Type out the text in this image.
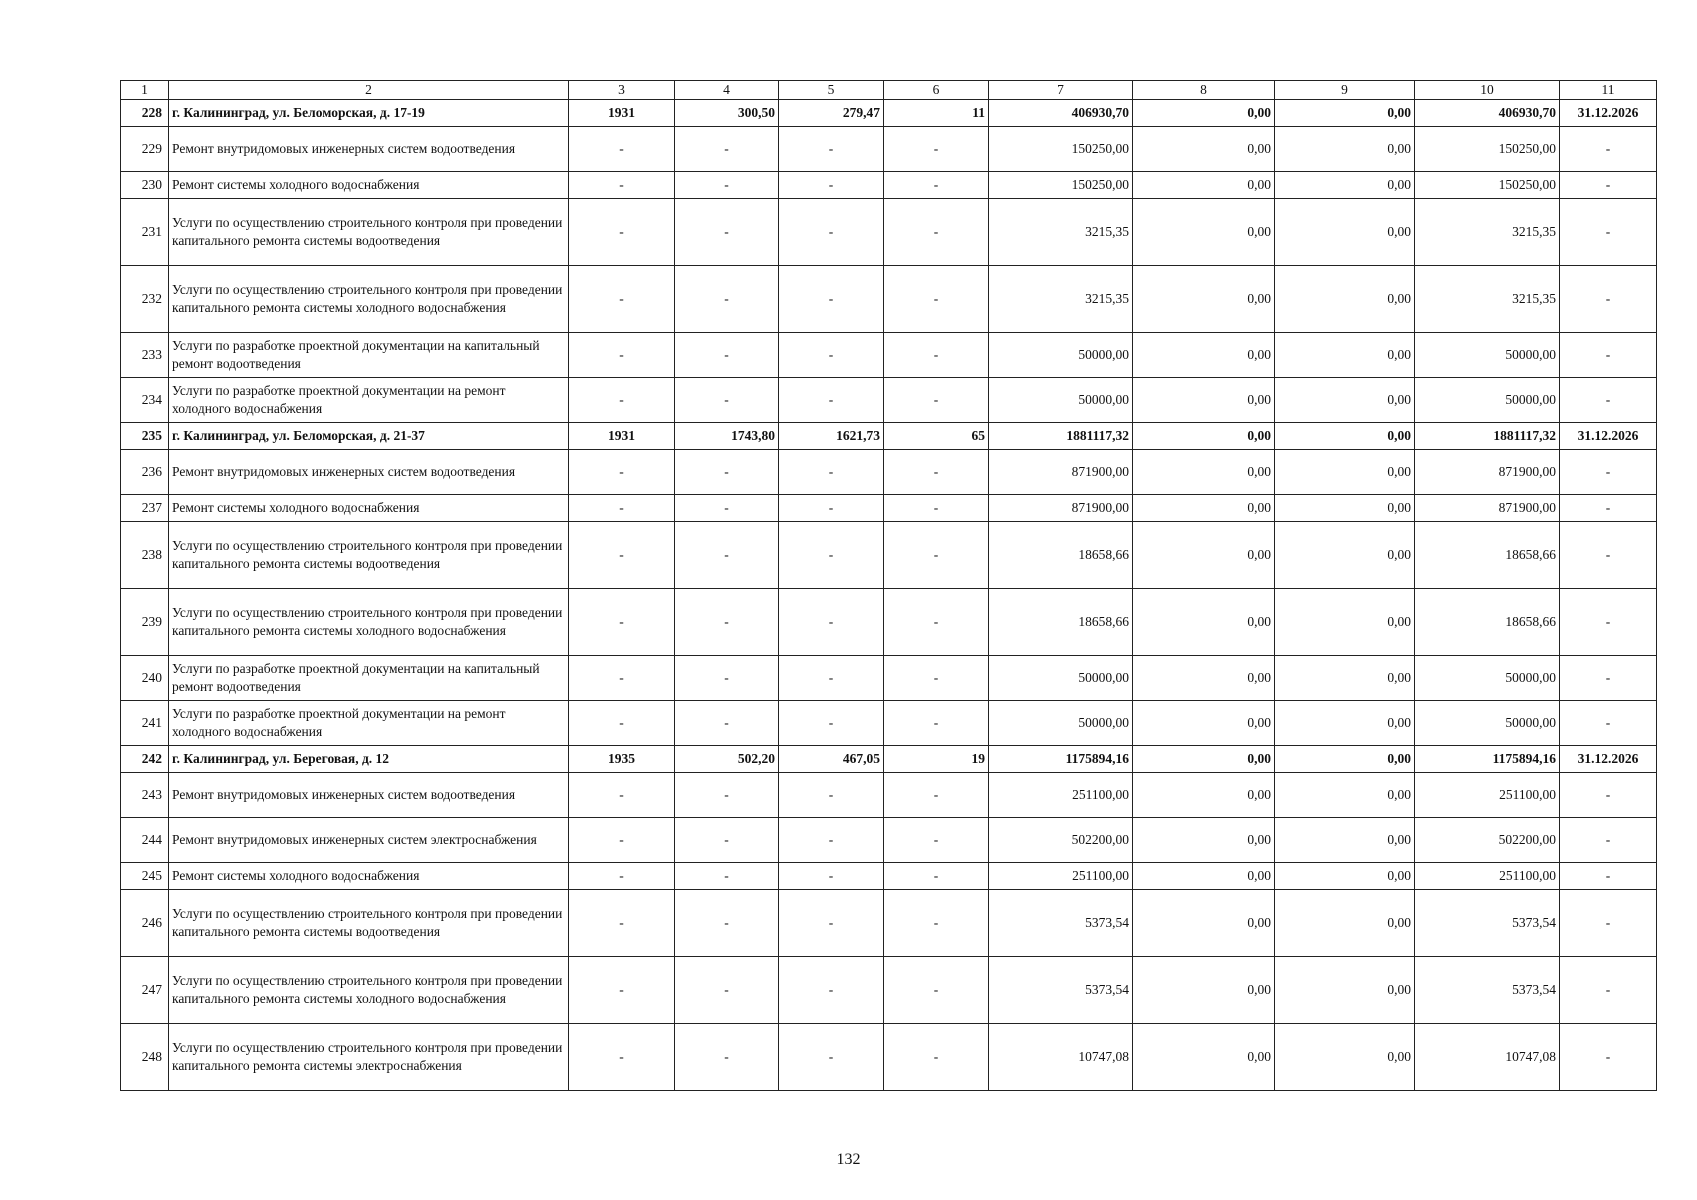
1	2	3	4	5	6	7	8	9	10	11
228	г. Калининград, ул. Беломорская, д. 17-19	1931	300,50	279,47	11	406930,70	0,00	0,00	406930,70	31.12.2026
229	Ремонт внутридомовых инженерных систем водоотведения	-	-	-	-	150250,00	0,00	0,00	150250,00	-
230	Ремонт системы холодного водоснабжения	-	-	-	-	150250,00	0,00	0,00	150250,00	-
231	Услуги по осуществлению строительного контроля при проведении капитального ремонта системы водоотведения	-	-	-	-	3215,35	0,00	0,00	3215,35	-
232	Услуги по осуществлению строительного контроля при проведении капитального ремонта системы холодного водоснабжения	-	-	-	-	3215,35	0,00	0,00	3215,35	-
233	Услуги по разработке проектной документации на капитальный ремонт водоотведения	-	-	-	-	50000,00	0,00	0,00	50000,00	-
234	Услуги по разработке проектной документации на ремонт холодного водоснабжения	-	-	-	-	50000,00	0,00	0,00	50000,00	-
235	г. Калининград, ул. Беломорская, д. 21-37	1931	1743,80	1621,73	65	1881117,32	0,00	0,00	1881117,32	31.12.2026
236	Ремонт внутридомовых инженерных систем водоотведения	-	-	-	-	871900,00	0,00	0,00	871900,00	-
237	Ремонт системы холодного водоснабжения	-	-	-	-	871900,00	0,00	0,00	871900,00	-
238	Услуги по осуществлению строительного контроля при проведении капитального ремонта системы водоотведения	-	-	-	-	18658,66	0,00	0,00	18658,66	-
239	Услуги по осуществлению строительного контроля при проведении капитального ремонта системы холодного водоснабжения	-	-	-	-	18658,66	0,00	0,00	18658,66	-
240	Услуги по разработке проектной документации на капитальный ремонт водоотведения	-	-	-	-	50000,00	0,00	0,00	50000,00	-
241	Услуги по разработке проектной документации на ремонт холодного водоснабжения	-	-	-	-	50000,00	0,00	0,00	50000,00	-
242	г. Калининград, ул. Береговая, д. 12	1935	502,20	467,05	19	1175894,16	0,00	0,00	1175894,16	31.12.2026
243	Ремонт внутридомовых инженерных систем водоотведения	-	-	-	-	251100,00	0,00	0,00	251100,00	-
244	Ремонт внутридомовых инженерных систем электроснабжения	-	-	-	-	502200,00	0,00	0,00	502200,00	-
245	Ремонт системы холодного водоснабжения	-	-	-	-	251100,00	0,00	0,00	251100,00	-
246	Услуги по осуществлению строительного контроля при проведении капитального ремонта системы водоотведения	-	-	-	-	5373,54	0,00	0,00	5373,54	-
247	Услуги по осуществлению строительного контроля при проведении капитального ремонта системы холодного водоснабжения	-	-	-	-	5373,54	0,00	0,00	5373,54	-
248	Услуги по осуществлению строительного контроля при проведении капитального ремонта системы электроснабжения	-	-	-	-	10747,08	0,00	0,00	10747,08	-
132
